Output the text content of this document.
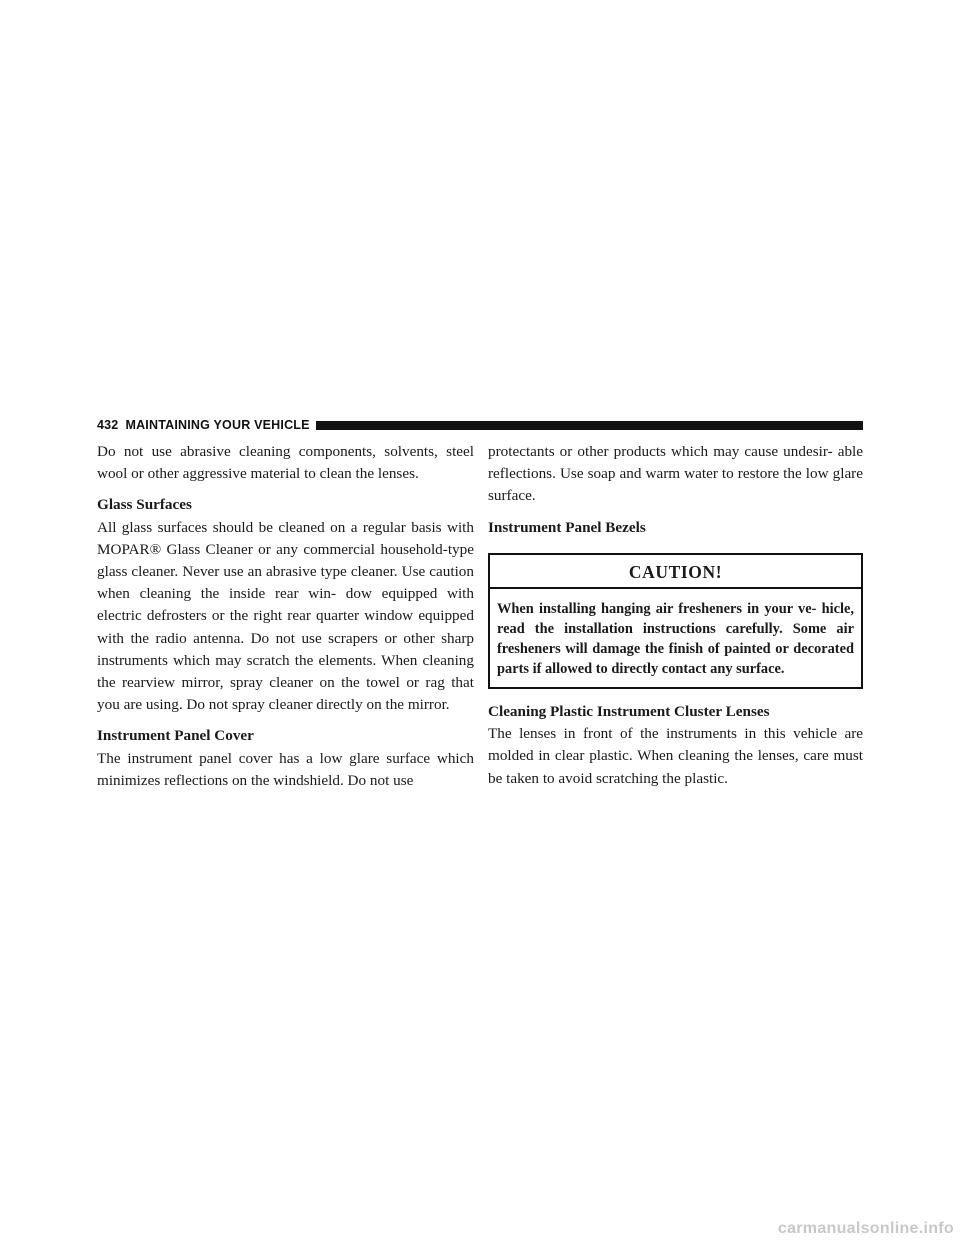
432 MAINTAINING YOUR VEHICLE

Do not use abrasive cleaning components, solvents, steel wool or other aggressive material to clean the lenses.

Glass Surfaces

All glass surfaces should be cleaned on a regular basis with MOPAR® Glass Cleaner or any commercial household-type glass cleaner. Never use an abrasive type cleaner. Use caution when cleaning the inside rear win- dow equipped with electric defrosters or the right rear quarter window equipped with the radio antenna. Do not use scrapers or other sharp instruments which may scratch the elements. When cleaning the rearview mirror, spray cleaner on the towel or rag that you are using. Do not spray cleaner directly on the mirror.

Instrument Panel Cover

The instrument panel cover has a low glare surface which minimizes reflections on the windshield. Do not use

protectants or other products which may cause undesir- able reflections. Use soap and warm water to restore the low glare surface.

Instrument Panel Bezels

CAUTION!
When installing hanging air fresheners in your ve- hicle, read the installation instructions carefully. Some air fresheners will damage the finish of painted or decorated parts if allowed to directly contact any surface.

Cleaning Plastic Instrument Cluster Lenses

The lenses in front of the instruments in this vehicle are molded in clear plastic. When cleaning the lenses, care must be taken to avoid scratching the plastic.

carmanualsonline.info
